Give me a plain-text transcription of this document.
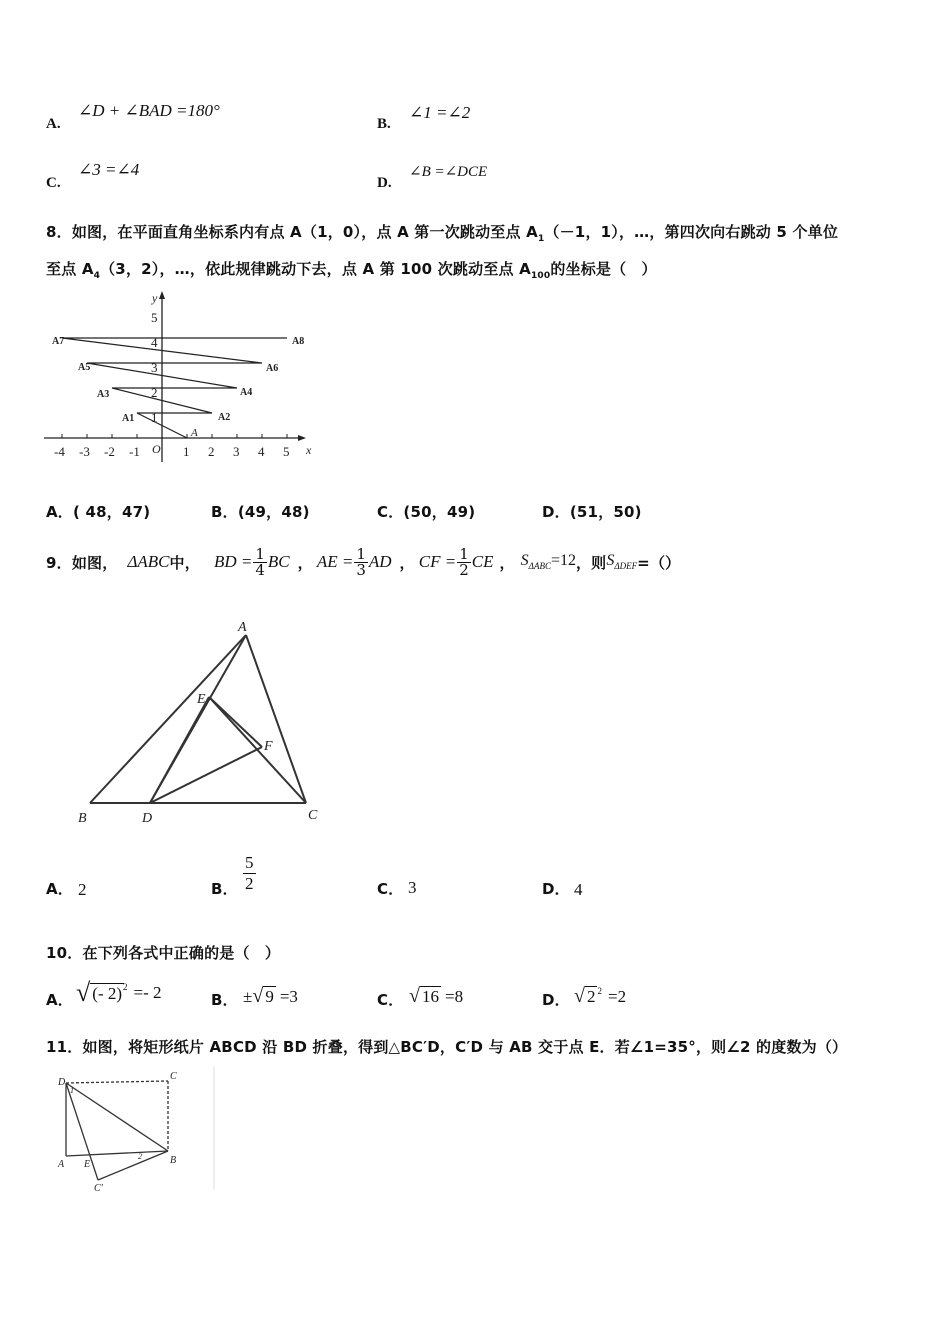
A.
∠D + ∠BAD =180°
B.
∠1 =∠2
C.
∠3 =∠4
D.
∠B =∠DCE
8．如图，在平面直角坐标系内有点 A（1，0），点 A 第一次跳动至点 $A_1(-1$，1），…，第四次向右跳动 5 个单位
至点 $A_4(3$，2），…，依此规律跳动下去，点 A 第 100 次跳动至点 $A_{100}$的坐标是（　）
-4 -3 -2 -1	1 2 3 4 5
1
2
3
4
5
y
x
O
A
A1	A2
A3	A4
A5	A6
A7	A8
A．( 48，47)	B．(49，48)	C．(50，49)	D．(51，50)
9．如图， ΔABC 中， BD = $\frac{1}{4}$ BC ， AE = $\frac{1}{3}$ AD ， CF = $\frac{1}{2}$ CE ， $S_{\Delta ABC}=12$ ，则 $S_{\Delta DEF}$ =（）
A
E
F
B	D	C
A． 2	B． $\frac{5}{2}$	C． 3	D． 4
10．在下列各式中正确的是（　）
A． √ (- 2)$^2$ =- 2	B． ± √ 9 =3	C． √ 16 =8	D． √ $2^2 =2$
11．如图，将矩形纸片 ABCD 沿 BD 折叠，得到△BC′D，C′D 与 AB 交于点 E．若∠1=35°，则∠2 的度数为（）
D
C
A E	B
C′
1
2
